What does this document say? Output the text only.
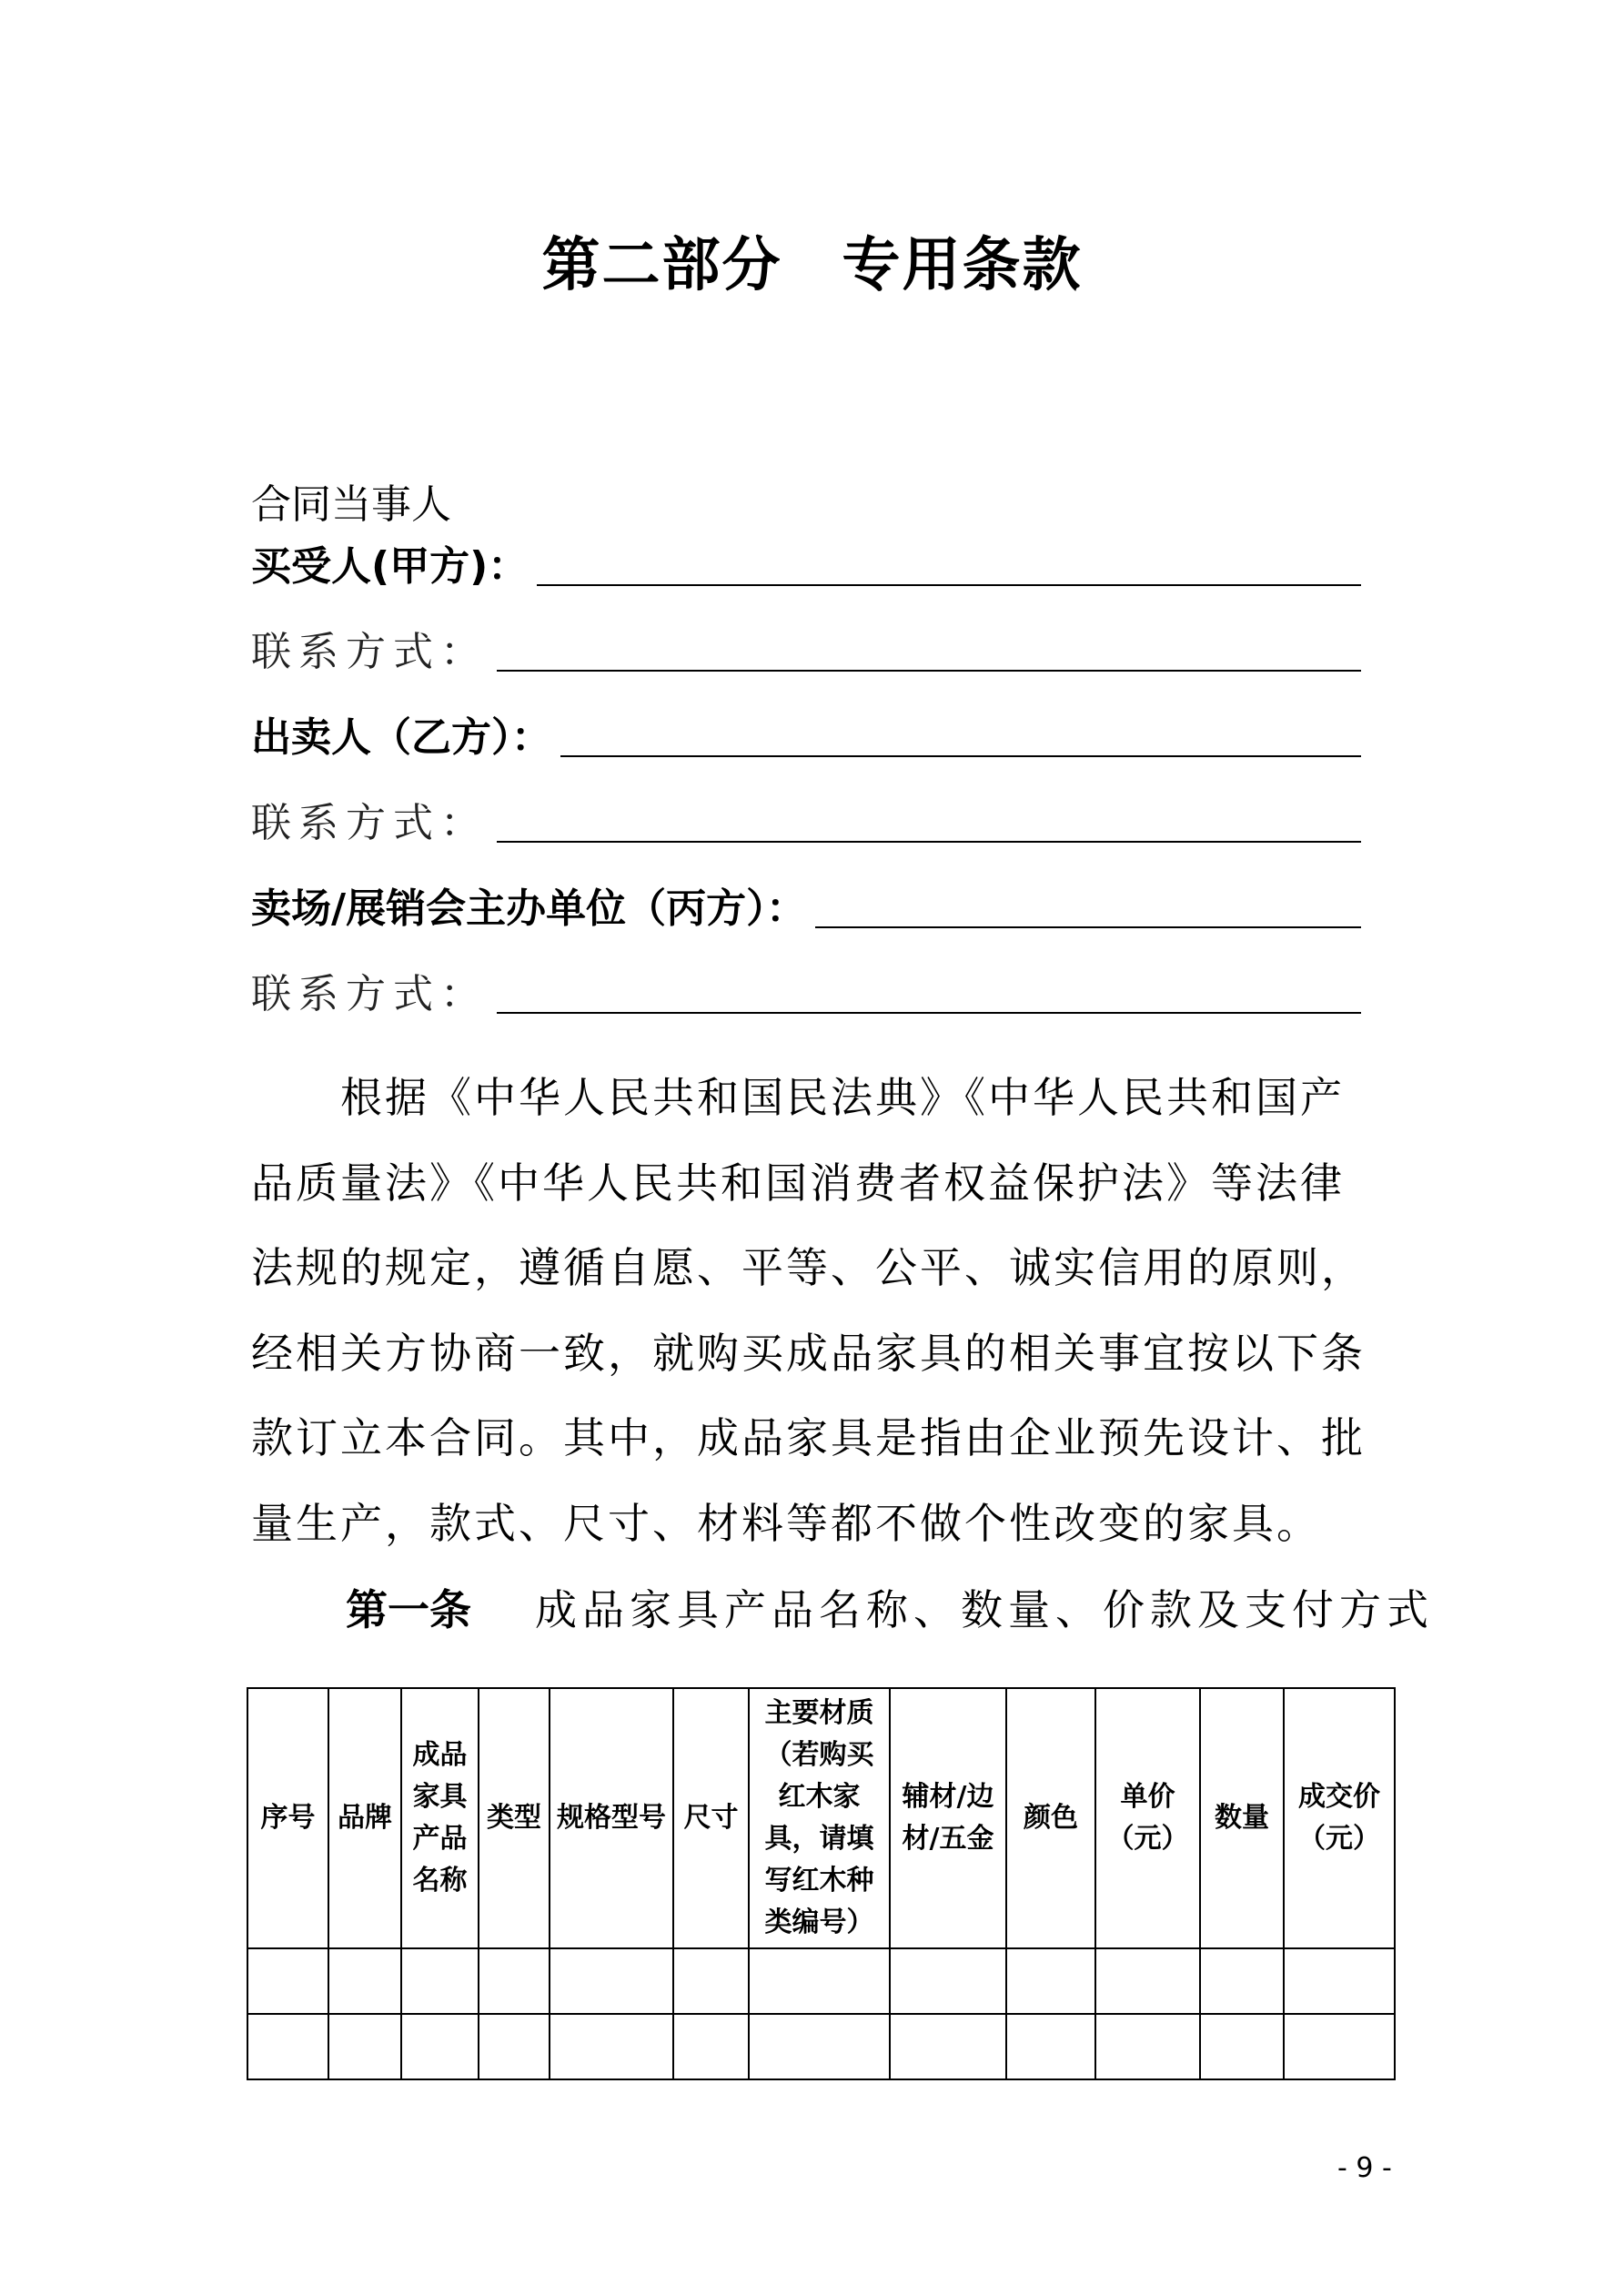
第二部分　专用条款
合同当事人
买受人(甲方)：
联系方式：
出卖人（乙方）：
联系方式：
卖场/展销会主办单位（丙方）：
联系方式：
　　根据《中华人民共和国民法典》《中华人民共和国产
品质量法》《中华人民共和国消费者权益保护法》等法律
法规的规定，遵循自愿、平等、公平、诚实信用的原则，
经相关方协商一致，就购买成品家具的相关事宜按以下条
款订立本合同。其中，成品家具是指由企业预先设计、批
量生产，款式、尺寸、材料等都不做个性改变的家具。
第一条 成品家具产品名称、数量、价款及支付方式
序号	品牌	成品家具产品名称	类型	规格型号	尺寸	主要材质（若购买红木家具，请填写红木种类编号）	辅材/边材/五金	颜色	单价（元）	数量	成交价（元）

- 9 -
